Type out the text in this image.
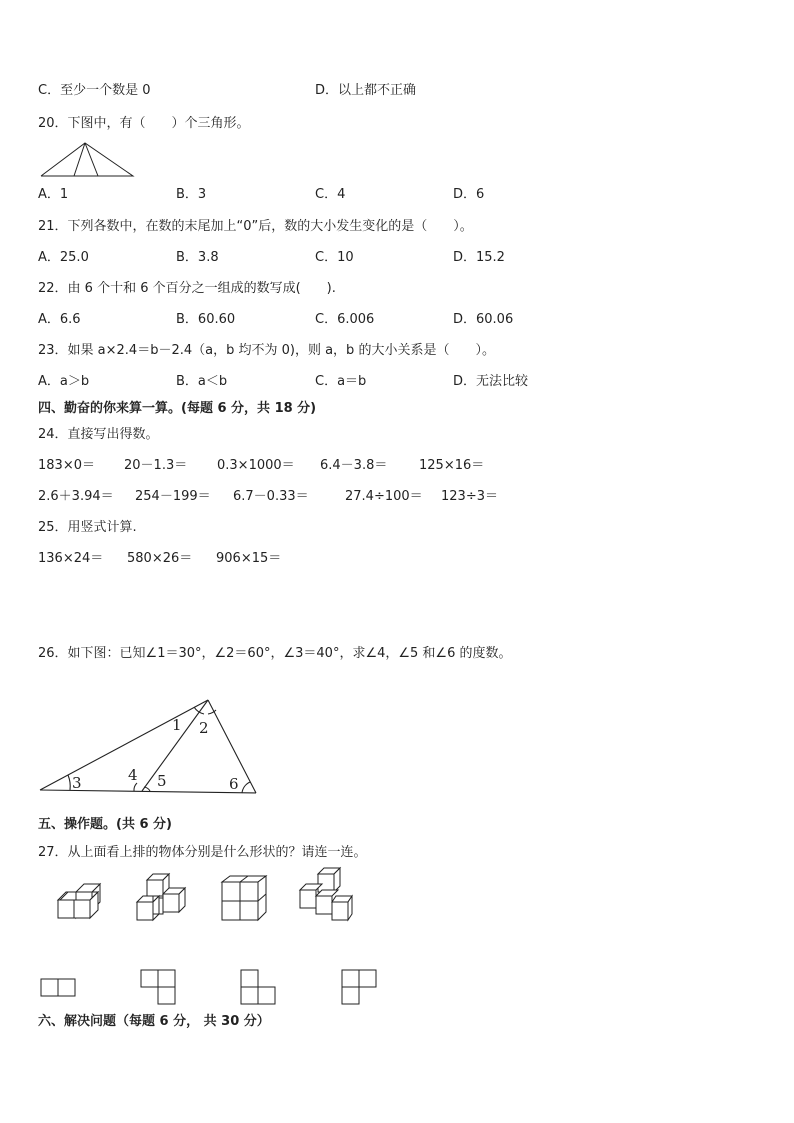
C．至少一个数是 0	D．以上都不正确
20．下图中，有（　　）个三角形。
A．1	B．3	C．4	D．6
21．下列各数中，在数的末尾加上“0”后，数的大小发生变化的是（　　）。
A．25.0	B．3.8	C．10	D．15.2
22．由 6 个十和 6 个百分之一组成的数写成(　　).
A．6.6	B．60.60	C．6.006	D．60.06
23．如果 a×2.4＝b－2.4（a，b 均不为 0)，则 a，b 的大小关系是（　　）。
A．a＞b	B．a＜b	C．a＝b	D．无法比较
四、勤奋的你来算一算。(每题 6 分，共 18 分)
24．直接写出得数。
183×0＝ 20－1.3＝ 0.3×1000＝ 6.4－3.8＝ 125×16＝
2.6＋3.94＝ 254－199＝ 6.7－0.33＝	27.4÷100＝ 123÷3＝
25．用竖式计算.
136×24＝ 580×26＝ 906×15＝
26．如下图：已知∠1＝30°，∠2＝60°，∠3＝40°，求∠4，∠5 和∠6 的度数。
1 2
3	4 5	6
五、操作题。(共 6 分)
27．从上面看上排的物体分别是什么形状的？请连一连。
六、解决问题（每题 6 分， 共 30 分）
